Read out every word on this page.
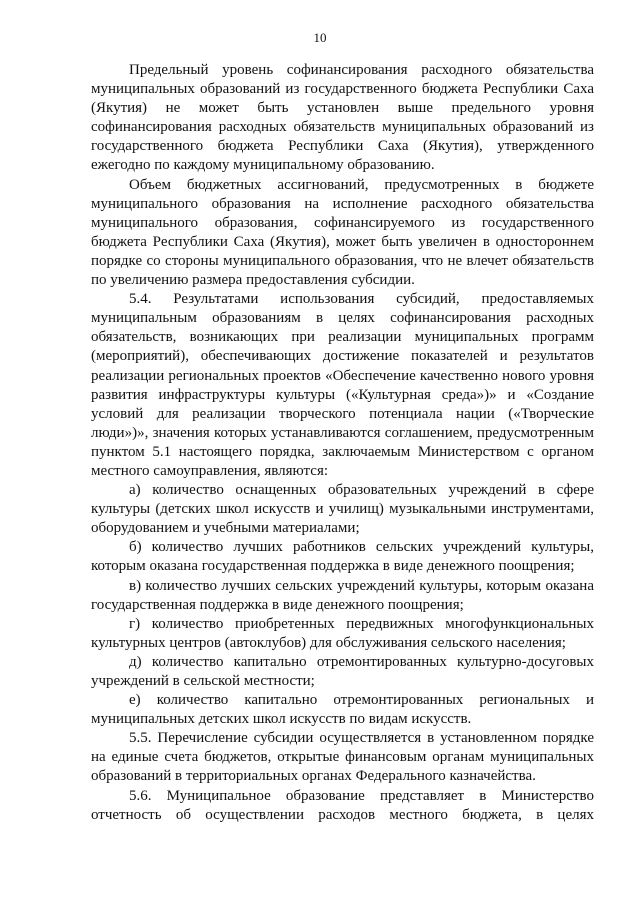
10

Предельный уровень софинансирования расходного обязательства
муниципальных образований из государственного бюджета Республики Саха
(Якутия) не может быть установлен выше предельного уровня
софинансирования расходных обязательств муниципальных образований из
государственного бюджета Республики Саха (Якутия), утвержденного
ежегодно по каждому муниципальному образованию.

Объем бюджетных ассигнований, предусмотренных в бюджете
муниципального образования на исполнение расходного обязательства
муниципального образования, софинансируемого из государственного
бюджета Республики Саха (Якутия), может быть увеличен в одностороннем
порядке со стороны муниципального образования, что не влечет обязательств
по увеличению размера предоставления субсидии.

5.4. Результатами использования субсидий, предоставляемых
муниципальным образованиям в целях софинансирования расходных
обязательств, возникающих при реализации муниципальных программ
(мероприятий), обеспечивающих достижение показателей и результатов
реализации региональных проектов «Обеспечение качественно нового уровня
развития инфраструктуры культуры («Культурная среда»)» и «Создание
условий для реализации творческого потенциала нации («Творческие
люди»)», значения которых устанавливаются соглашением, предусмотренным
пунктом 5.1 настоящего порядка, заключаемым Министерством с органом
местного самоуправления, являются:

а) количество оснащенных образовательных учреждений в сфере
культуры (детских школ искусств и училищ) музыкальными инструментами,
оборудованием и учебными материалами;

б) количество лучших работников сельских учреждений культуры,
которым оказана государственная поддержка в виде денежного поощрения;

в) количество лучших сельских учреждений культуры, которым оказана
государственная поддержка в виде денежного поощрения;

г) количество приобретенных передвижных многофункциональных
культурных центров (автоклубов) для обслуживания сельского населения;

д) количество капитально отремонтированных культурно-досуговых
учреждений в сельской местности;

е) количество капитально отремонтированных региональных и
муниципальных детских школ искусств по видам искусств.

5.5. Перечисление субсидии осуществляется в установленном порядке
на единые счета бюджетов, открытые финансовым органам муниципальных
образований в территориальных органах Федерального казначейства.

5.6. Муниципальное образование представляет в Министерство
отчетность об осуществлении расходов местного бюджета, в целях
